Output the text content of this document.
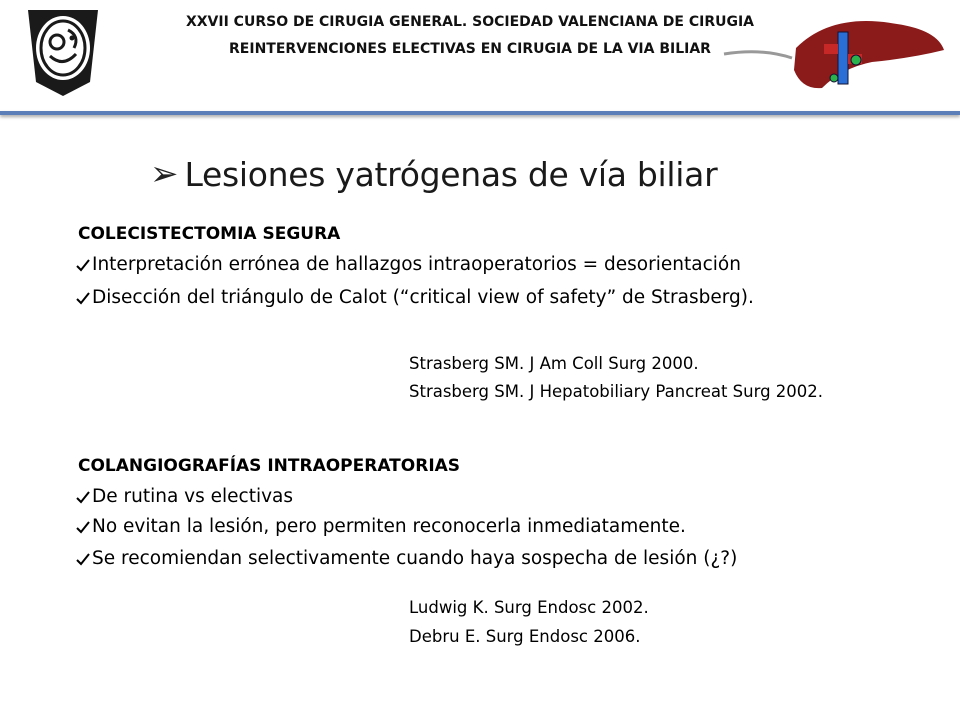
XXVII CURSO DE CIRUGIA GENERAL. SOCIEDAD VALENCIANA DE CIRUGIA
REINTERVENCIONES ELECTIVAS EN CIRUGIA DE LA VIA BILIAR
➢ Lesiones yatrógenas de vía biliar
COLECISTECTOMIA SEGURA
Interpretación errónea de hallazgos intraoperatorios = desorientación
Disección del triángulo de Calot (“critical view of safety” de Strasberg).
Strasberg SM. J Am Coll Surg 2000.
Strasberg SM. J Hepatobiliary Pancreat Surg 2002.
COLANGIOGRAFÍAS INTRAOPERATORIAS
De rutina vs electivas
No evitan la lesión, pero permiten reconocerla inmediatamente.
Se recomiendan selectivamente cuando haya sospecha de lesión (¿?)
Ludwig K. Surg Endosc 2002.
Debru E. Surg Endosc 2006.
